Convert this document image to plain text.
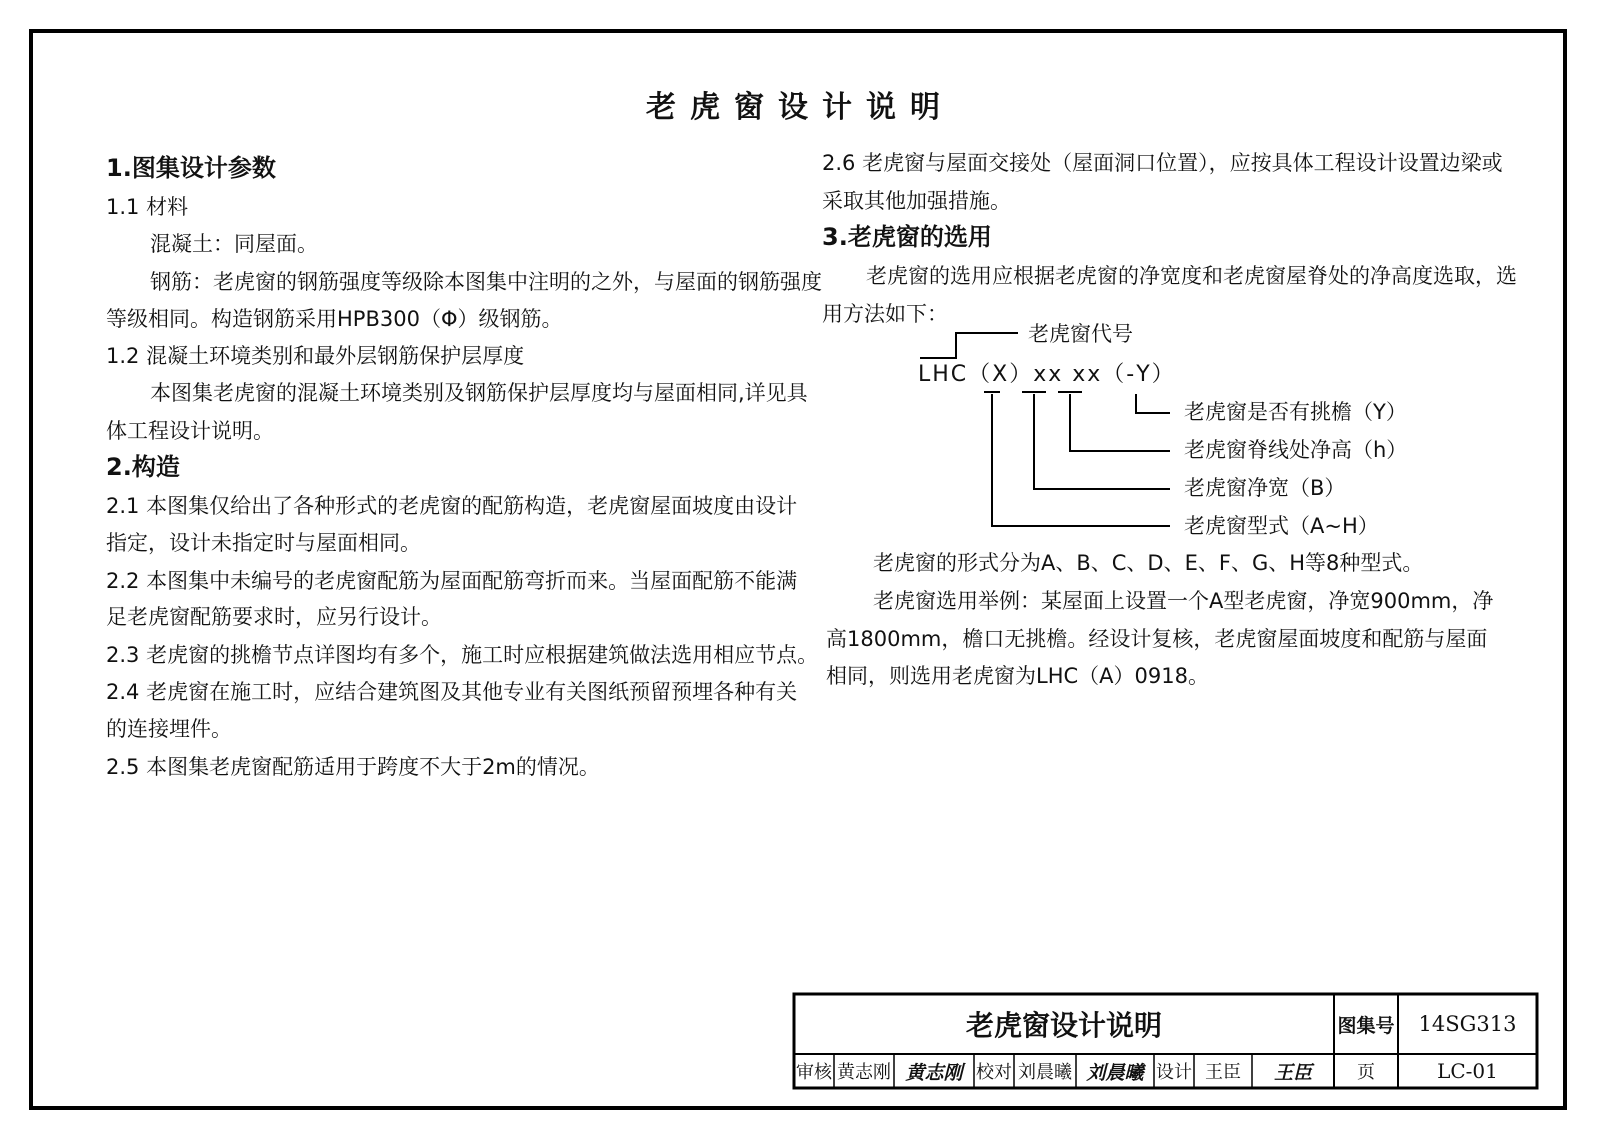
老虎窗设计说明
1.图集设计参数
1.1 材料
混凝土：同屋面。
钢筋：老虎窗的钢筋强度等级除本图集中注明的之外，与屋面的钢筋强度
等级相同。构造钢筋采用HPB300（Φ）级钢筋。
1.2 混凝土环境类别和最外层钢筋保护层厚度
本图集老虎窗的混凝土环境类别及钢筋保护层厚度均与屋面相同,详见具
体工程设计说明。
2.构造
2.1 本图集仅给出了各种形式的老虎窗的配筋构造，老虎窗屋面坡度由设计
指定，设计未指定时与屋面相同。
2.2 本图集中未编号的老虎窗配筋为屋面配筋弯折而来。当屋面配筋不能满
足老虎窗配筋要求时，应另行设计。
2.3 老虎窗的挑檐节点详图均有多个，施工时应根据建筑做法选用相应节点。
2.4 老虎窗在施工时，应结合建筑图及其他专业有关图纸预留预埋各种有关
的连接埋件。
2.5 本图集老虎窗配筋适用于跨度不大于2m的情况。
2.6 老虎窗与屋面交接处（屋面洞口位置），应按具体工程设计设置边梁或
采取其他加强措施。
3.老虎窗的选用
老虎窗的选用应根据老虎窗的净宽度和老虎窗屋脊处的净高度选取，选
用方法如下：
老虎窗代号
LHC（X）xx xx（-Y）
老虎窗是否有挑檐（Y）
老虎窗脊线处净高（h）
老虎窗净宽（B）
老虎窗型式（A~H）
老虎窗的形式分为A、B、C、D、E、F、G、H等8种型式。
老虎窗选用举例：某屋面上设置一个A型老虎窗，净宽900mm，净
高1800mm，檐口无挑檐。经设计复核，老虎窗屋面坡度和配筋与屋面
相同，则选用老虎窗为LHC（A）0918。
老虎窗设计说明	图集号	14SG313
审核 黄志刚 黄志刚 校对 刘晨曦 刘晨曦 设计 王臣	王臣	页	LC-01
